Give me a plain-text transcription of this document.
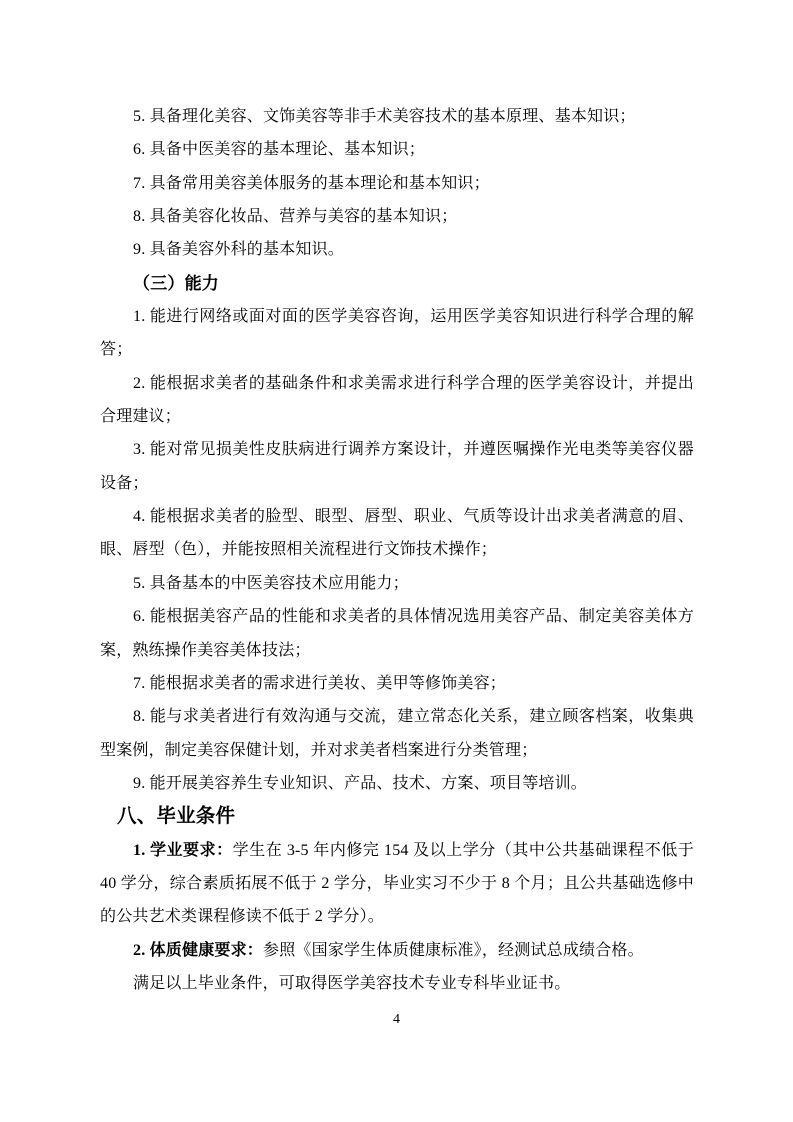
5. 具备理化美容、文饰美容等非手术美容技术的基本原理、基本知识；
6. 具备中医美容的基本理论、基本知识；
7. 具备常用美容美体服务的基本理论和基本知识；
8. 具备美容化妆品、营养与美容的基本知识；
9. 具备美容外科的基本知识。
（三）能力
1. 能进行网络或面对面的医学美容咨询，运用医学美容知识进行科学合理的解
答；
2. 能根据求美者的基础条件和求美需求进行科学合理的医学美容设计，并提出
合理建议；
3. 能对常见损美性皮肤病进行调养方案设计，并遵医嘱操作光电类等美容仪器
设备；
4. 能根据求美者的脸型、眼型、唇型、职业、气质等设计出求美者满意的眉、
眼、唇型（色），并能按照相关流程进行文饰技术操作；
5. 具备基本的中医美容技术应用能力；
6. 能根据美容产品的性能和求美者的具体情况选用美容产品、制定美容美体方
案，熟练操作美容美体技法；
7. 能根据求美者的需求进行美妆、美甲等修饰美容；
8. 能与求美者进行有效沟通与交流，建立常态化关系，建立顾客档案，收集典
型案例，制定美容保健计划，并对求美者档案进行分类管理；
9. 能开展美容养生专业知识、产品、技术、方案、项目等培训。
八、毕业条件
1. 学业要求：学生在 3-5 年内修完 154 及以上学分（其中公共基础课程不低于
40 学分，综合素质拓展不低于 2 学分，毕业实习不少于 8 个月；且公共基础选修中
的公共艺术类课程修读不低于 2 学分）。
2. 体质健康要求：参照《国家学生体质健康标准》，经测试总成绩合格。
满足以上毕业条件，可取得医学美容技术专业专科毕业证书。
4
